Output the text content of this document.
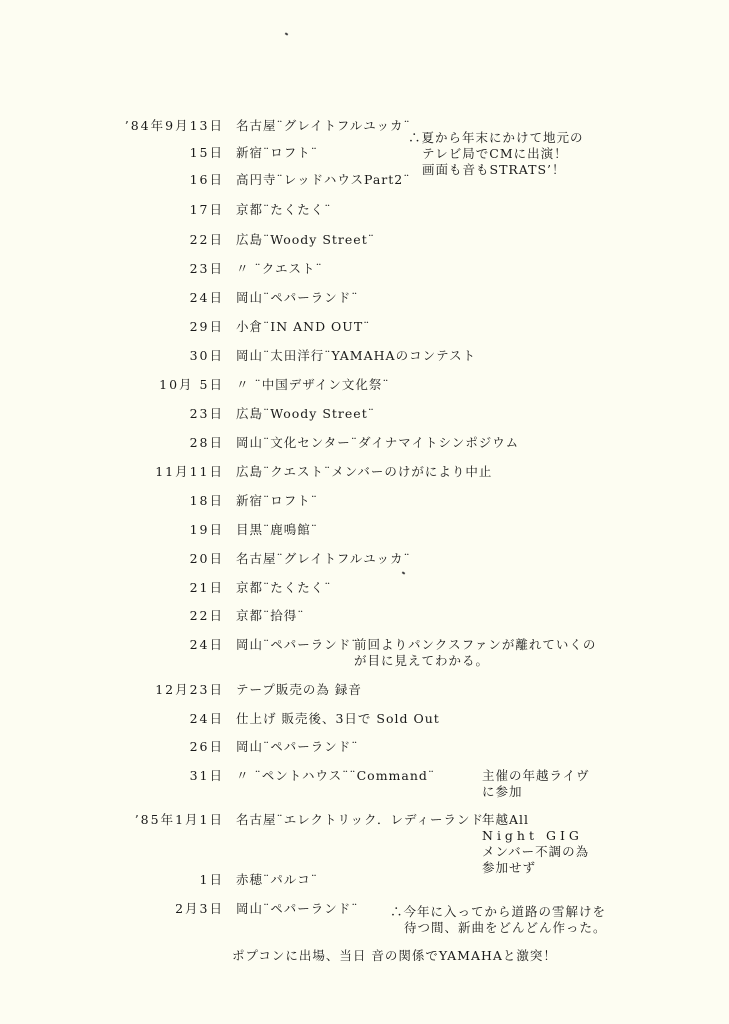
’84年9月13日 名古屋¨グレイトフルユッカ¨
15日 新宿¨ロフト¨
16日 高円寺¨レッドハウスPart2¨
17日 京都¨たくたく¨
22日 広島¨Woody Street¨
23日 〃 ¨クエスト¨
24日 岡山¨ペパーランド¨
29日 小倉¨IN AND OUT¨
30日 岡山¨太田洋行¨YAMAHAのコンテスト
10月 5日 〃 ¨中国デザイン文化祭¨
23日 広島¨Woody Street¨
28日 岡山¨文化センター¨ダイナマイトシンポジウム
11月11日 広島¨クエスト¨メンバーのけがにより中止
18日 新宿¨ロフト¨
19日 目黒¨鹿鳴館¨
20日 名古屋¨グレイトフルユッカ¨
21日 京都¨たくたく¨
22日 京都¨拾得¨
24日 岡山¨ペパーランド¨
12月23日 テープ販売の為 録音
24日 仕上げ 販売後、3日で Sold Out
26日 岡山¨ペパーランド¨
31日 〃 ¨ペントハウス¨¨Command¨
’85年1月1日 名古屋¨エレクトリック．レディーランド¨
1日 赤穂¨パルコ¨
2月3日 岡山¨ペパーランド¨
∴夏から年末にかけて地元の
テレビ局でCMに出演！
画面も音もSTRATS’！
前回よりパンクスファンが離れていくの
が目に見えてわかる。
主催の年越ライヴ
に参加
年越All
Night GIG
メンバー不調の為
参加せず
∴今年に入ってから道路の雪解けを
待つ間、新曲をどんどん作った。
ポプコンに出場、当日 音の関係でYAMAHAと激突！
